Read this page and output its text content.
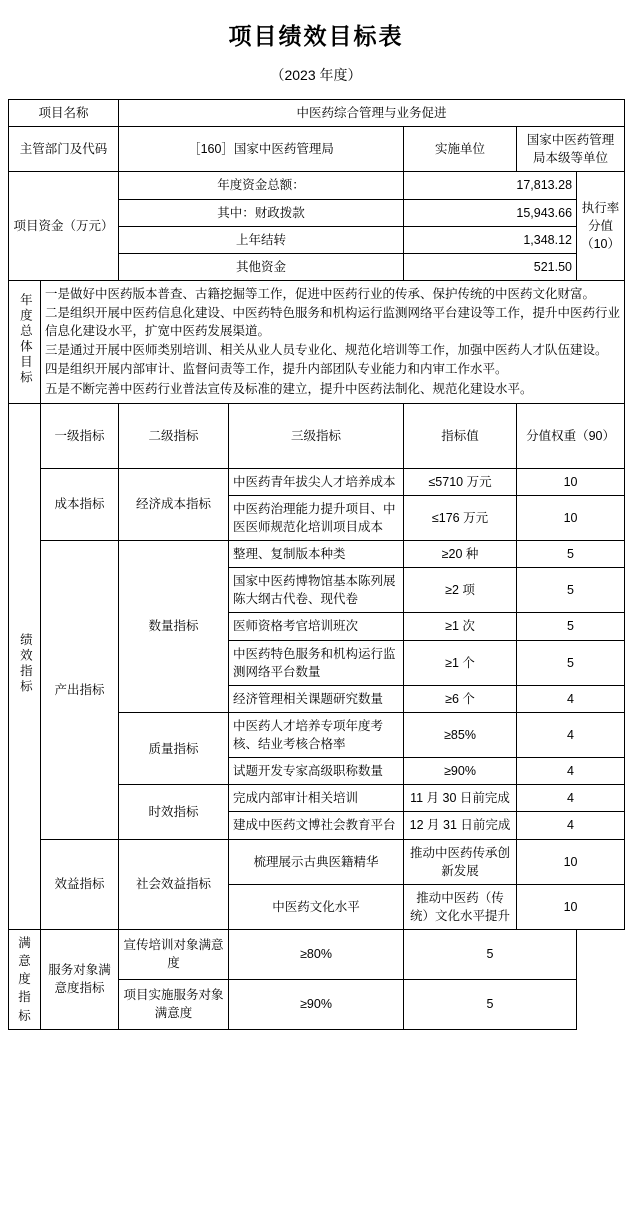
项目绩效目标表
（2023 年度）
项目名称		中医药综合管理与业务促进				
主管部门及代码		［160］国家中医药管理局		实施单位	国家中医药管理局本级等单位	
项目资金（万元）		年度资金总额：		17,813.28		执行率分值（10）
		其中：财政拨款		15,943.66		
		上年结转		1,348.12		
		其他资金		521.50		
年度总体目标	一是做好中医药版本普查、古籍挖掘等工作，促进中医药行业的传承、保护传统的中医药文化财富。

二是组织开展中医药信息化建设、中医药特色服务和机构运行监测网络平台建设等工作，提升中医药行业信息化建设水平，扩宽中医药发展渠道。

三是通过开展中医师类别培训、相关从业人员专业化、规范化培训等工作，加强中医药人才队伍建设。

四是组织开展内部审计、监督问责等工作，提升内部团队专业能力和内审工作水平。

五是不断完善中医药行业普法宣传及标准的建立，提升中医药法制化、规范化建设水平。					

绩效指标	一级指标	二级指标	三级指标	指标值	分值权重（90）	
	成本指标	经济成本指标	中医药青年拔尖人才培养成本	≤5710 万元	10	
			中医药治理能力提升项目、中医医师规范化培训项目成本	≤176 万元	10	
	产出指标	数量指标	整理、复制版本种类	≥20 种	5	
			国家中医药博物馆基本陈列展陈大纲古代卷、现代卷	≥2 项	5	
			医师资格考官培训班次	≥1 次	5	
			中医药特色服务和机构运行监测网络平台数量	≥1 个	5	
			经济管理相关课题研究数量	≥6 个	4	
		质量指标	中医药人才培养专项年度考核、结业考核合格率	≥85%	4	
			试题开发专家高级职称数量	≥90%	4	
		时效指标	完成内部审计相关培训	11 月 30 日前完成	4	
			建成中医药文博社会教育平台	12 月 31 日前完成	4	
	效益指标	社会效益指标	梳理展示古典医籍精华	推动中医药传承创新发展	10	
			中医药文化水平	推动中医药（传统）文化水平提升	10	
满意度指标	服务对象满意度指标	宣传培训对象满意度	≥80%	5		
		项目实施服务对象满意度	≥90%	5		
